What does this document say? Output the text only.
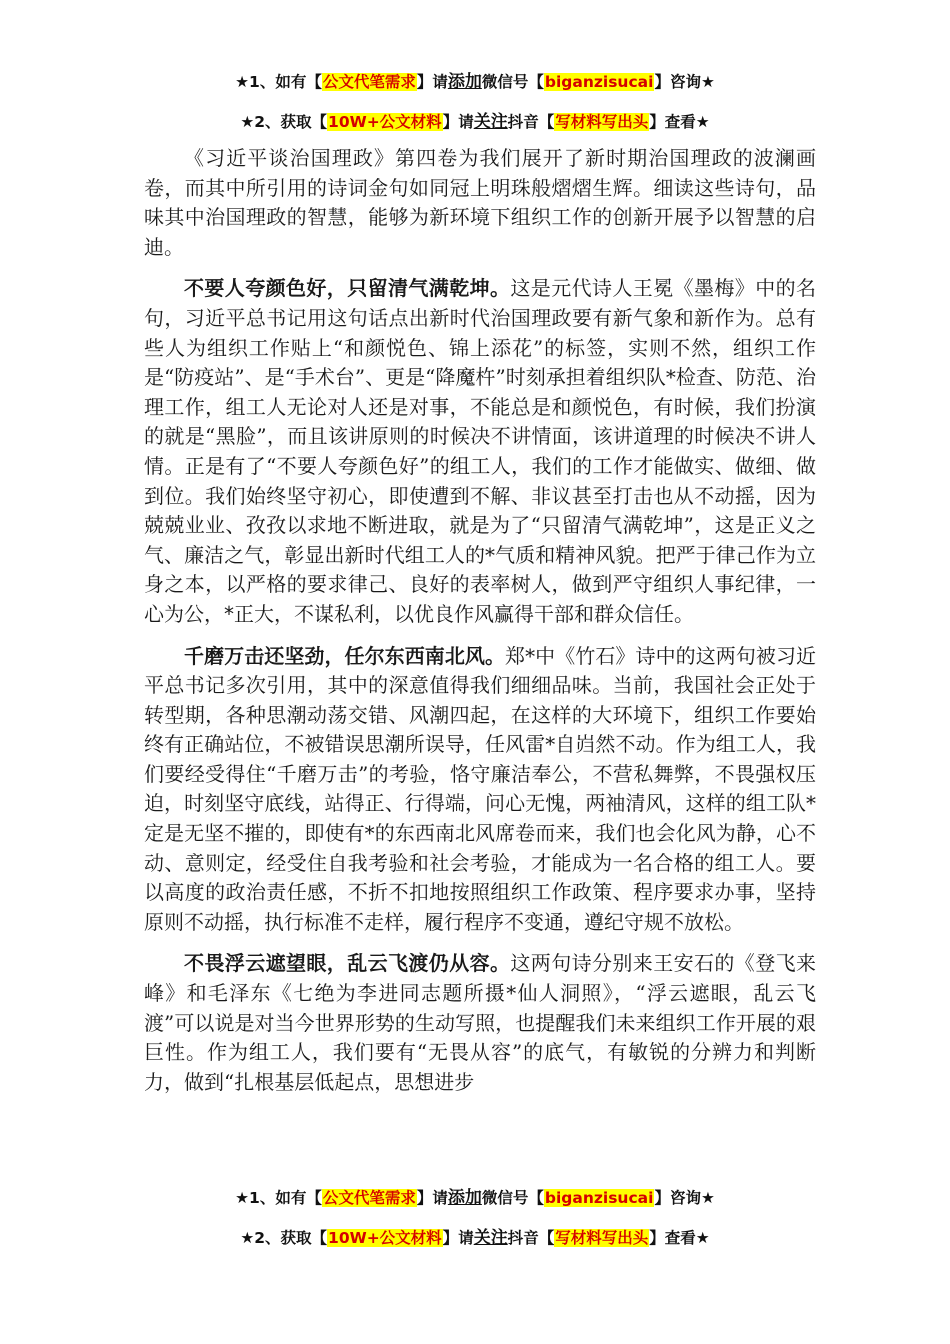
★1、如有【公文代笔需求】请添加微信号【biganzisucai】咨询★
★2、获取【10W+公文材料】请关注抖音【写材料写出头】查看★

《习近平谈治国理政》第四卷为我们展开了新时期治国理政的波澜画卷，而其中所引用的诗词金句如同冠上明珠般熠熠生辉。细读这些诗句，品味其中治国理政的智慧，能够为新环境下组织工作的创新开展予以智慧的启迪。

不要人夸颜色好，只留清气满乾坤。这是元代诗人王冕《墨梅》中的名句，习近平总书记用这句话点出新时代治国理政要有新气象和新作为。总有些人为组织工作贴上“和颜悦色、锦上添花”的标签，实则不然，组织工作是“防疫站”、是“手术台”、更是“降魔杵”时刻承担着组织队*检查、防范、治理工作，组工人无论对人还是对事，不能总是和颜悦色，有时候，我们扮演的就是“黑脸”，而且该讲原则的时候决不讲情面，该讲道理的时候决不讲人情。正是有了“不要人夸颜色好”的组工人，我们的工作才能做实、做细、做到位。我们始终坚守初心，即使遭到不解、非议甚至打击也从不动摇，因为兢兢业业、孜孜以求地不断进取，就是为了“只留清气满乾坤”，这是正义之气、廉洁之气，彰显出新时代组工人的*气质和精神风貌。把严于律己作为立身之本，以严格的要求律己、良好的表率树人，做到严守组织人事纪律，一心为公，*正大，不谋私利，以优良作风赢得干部和群众信任。

千磨万击还坚劲，任尔东西南北风。郑*中《竹石》诗中的这两句被习近平总书记多次引用，其中的深意值得我们细细品味。当前，我国社会正处于转型期，各种思潮动荡交错、风潮四起，在这样的大环境下，组织工作要始终有正确站位，不被错误思潮所误导，任风雷*自岿然不动。作为组工人，我们要经受得住“千磨万击”的考验，恪守廉洁奉公，不营私舞弊，不畏强权压迫，时刻坚守底线，站得正、行得端，问心无愧，两袖清风，这样的组工队*定是无坚不摧的，即使有*的东西南北风席卷而来，我们也会化风为静，心不动、意则定，经受住自我考验和社会考验，才能成为一名合格的组工人。要以高度的政治责任感，不折不扣地按照组织工作政策、程序要求办事，坚持原则不动摇，执行标准不走样，履行程序不变通，遵纪守规不放松。

不畏浮云遮望眼，乱云飞渡仍从容。这两句诗分别来王安石的《登飞来峰》和毛泽东《七绝为李进同志题所摄*仙人洞照》，“浮云遮眼，乱云飞渡”可以说是对当今世界形势的生动写照，也提醒我们未来组织工作开展的艰巨性。作为组工人，我们要有“无畏从容”的底气，有敏锐的分辨力和判断力，做到“扎根基层低起点，思想进步

★1、如有【公文代笔需求】请添加微信号【biganzisucai】咨询★
★2、获取【10W+公文材料】请关注抖音【写材料写出头】查看★
